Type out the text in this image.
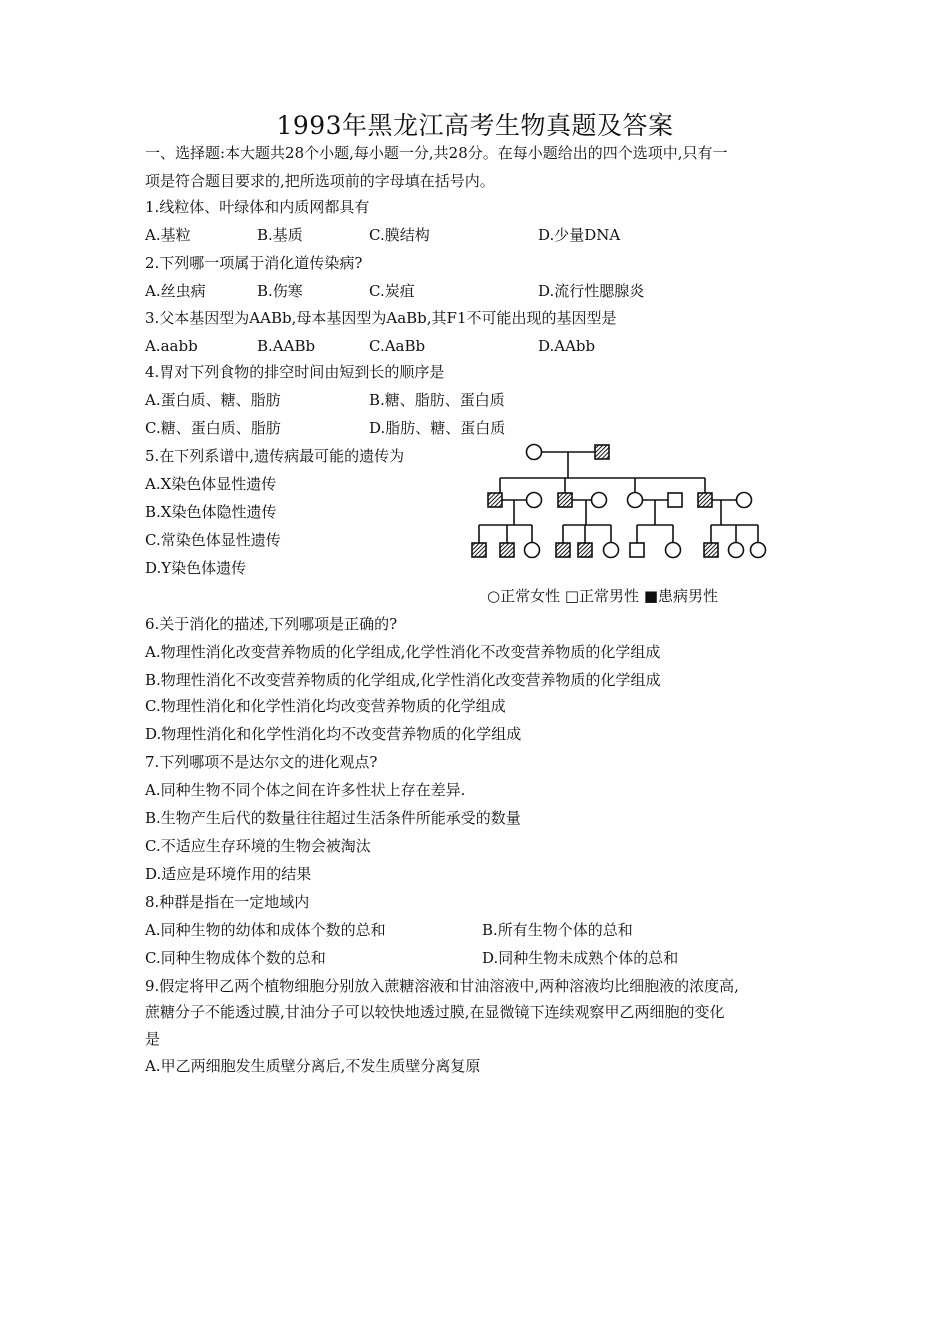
1993年黑龙江高考生物真题及答案
一、选择题:本大题共28个小题,每小题一分,共28分。在每小题给出的四个选项中,只有一
项是符合题目要求的,把所选项前的字母填在括号内。
1.线粒体、叶绿体和内质网都具有
A.基粒	B.基质	C.膜结构	D.少量DNA
2.下列哪一项属于消化道传染病?
A.丝虫病	B.伤寒	C.炭疽	D.流行性腮腺炎
3.父本基因型为AABb,母本基因型为AaBb,其F1不可能出现的基因型是
A.aabb	B.AABb	C.AaBb	D.AAbb
4.胃对下列食物的排空时间由短到长的顺序是
A.蛋白质、糖、脂肪	B.糖、脂肪、蛋白质
C.糖、蛋白质、脂肪	D.脂肪、糖、蛋白质
5.在下列系谱中,遗传病最可能的遗传为
A.X染色体显性遗传
B.X染色体隐性遗传
C.常染色体显性遗传
D.Y染色体遗传
○正常女性 □正常男性 ■患病男性
6.关于消化的描述,下列哪项是正确的?
A.物理性消化改变营养物质的化学组成,化学性消化不改变营养物质的化学组成
B.物理性消化不改变营养物质的化学组成,化学性消化改变营养物质的化学组成
C.物理性消化和化学性消化均改变营养物质的化学组成
D.物理性消化和化学性消化均不改变营养物质的化学组成
7.下列哪项不是达尔文的进化观点?
A.同种生物不同个体之间在许多性状上存在差异.
B.生物产生后代的数量往往超过生活条件所能承受的数量
C.不适应生存环境的生物会被淘汰
D.适应是环境作用的结果
8.种群是指在一定地域内
A.同种生物的幼体和成体个数的总和	B.所有生物个体的总和
C.同种生物成体个数的总和	D.同种生物未成熟个体的总和
9.假定将甲乙两个植物细胞分别放入蔗糖溶液和甘油溶液中,两种溶液均比细胞液的浓度高,
蔗糖分子不能透过膜,甘油分子可以较快地透过膜,在显微镜下连续观察甲乙两细胞的变化
是
A.甲乙两细胞发生质壁分离后,不发生质壁分离复原
